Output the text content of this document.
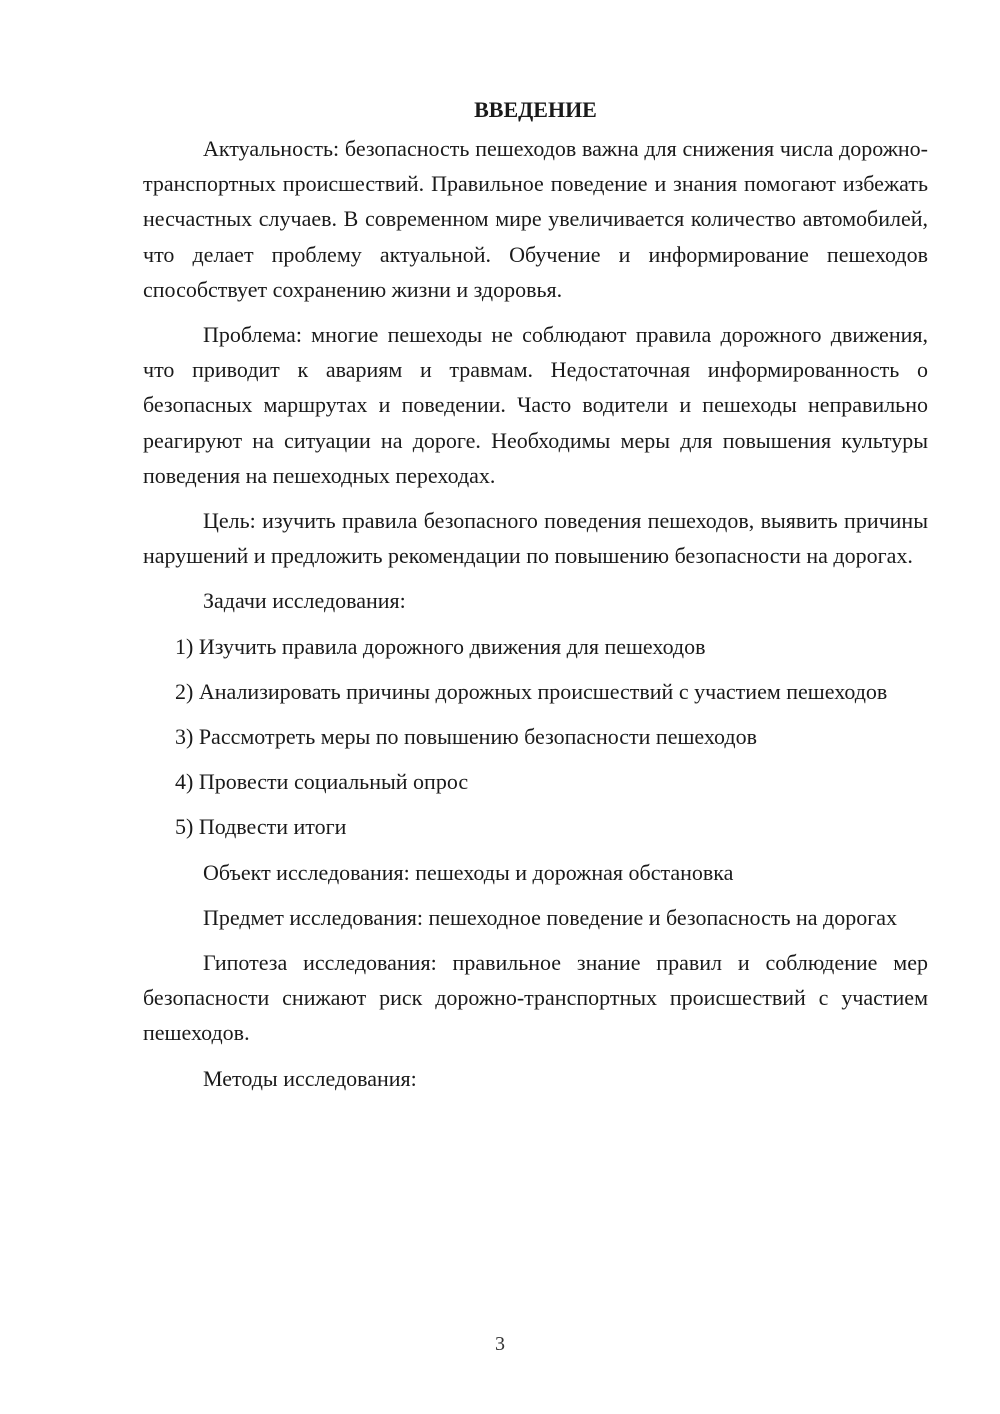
ВВЕДЕНИЕ
Актуальность: безопасность пешеходов важна для снижения числа дорожно-транспортных происшествий. Правильное поведение и знания помогают избежать несчастных случаев. В современном мире увеличивается количество автомобилей, что делает проблему актуальной. Обучение и информирование пешеходов способствует сохранению жизни и здоровья.
Проблема: многие пешеходы не соблюдают правила дорожного движения, что приводит к авариям и травмам. Недостаточная информированность о безопасных маршрутах и поведении. Часто водители и пешеходы неправильно реагируют на ситуации на дороге. Необходимы меры для повышения культуры поведения на пешеходных переходах.
Цель: изучить правила безопасного поведения пешеходов, выявить причины нарушений и предложить рекомендации по повышению безопасности на дорогах.
Задачи исследования:
1) Изучить правила дорожного движения для пешеходов
2) Анализировать причины дорожных происшествий с участием пешеходов
3) Рассмотреть меры по повышению безопасности пешеходов
4) Провести социальный опрос
5) Подвести итоги
Объект исследования: пешеходы и дорожная обстановка
Предмет исследования: пешеходное поведение и безопасность на дорогах
Гипотеза исследования: правильное знание правил и соблюдение мер безопасности снижают риск дорожно-транспортных происшествий с участием пешеходов.
Методы исследования:
3
